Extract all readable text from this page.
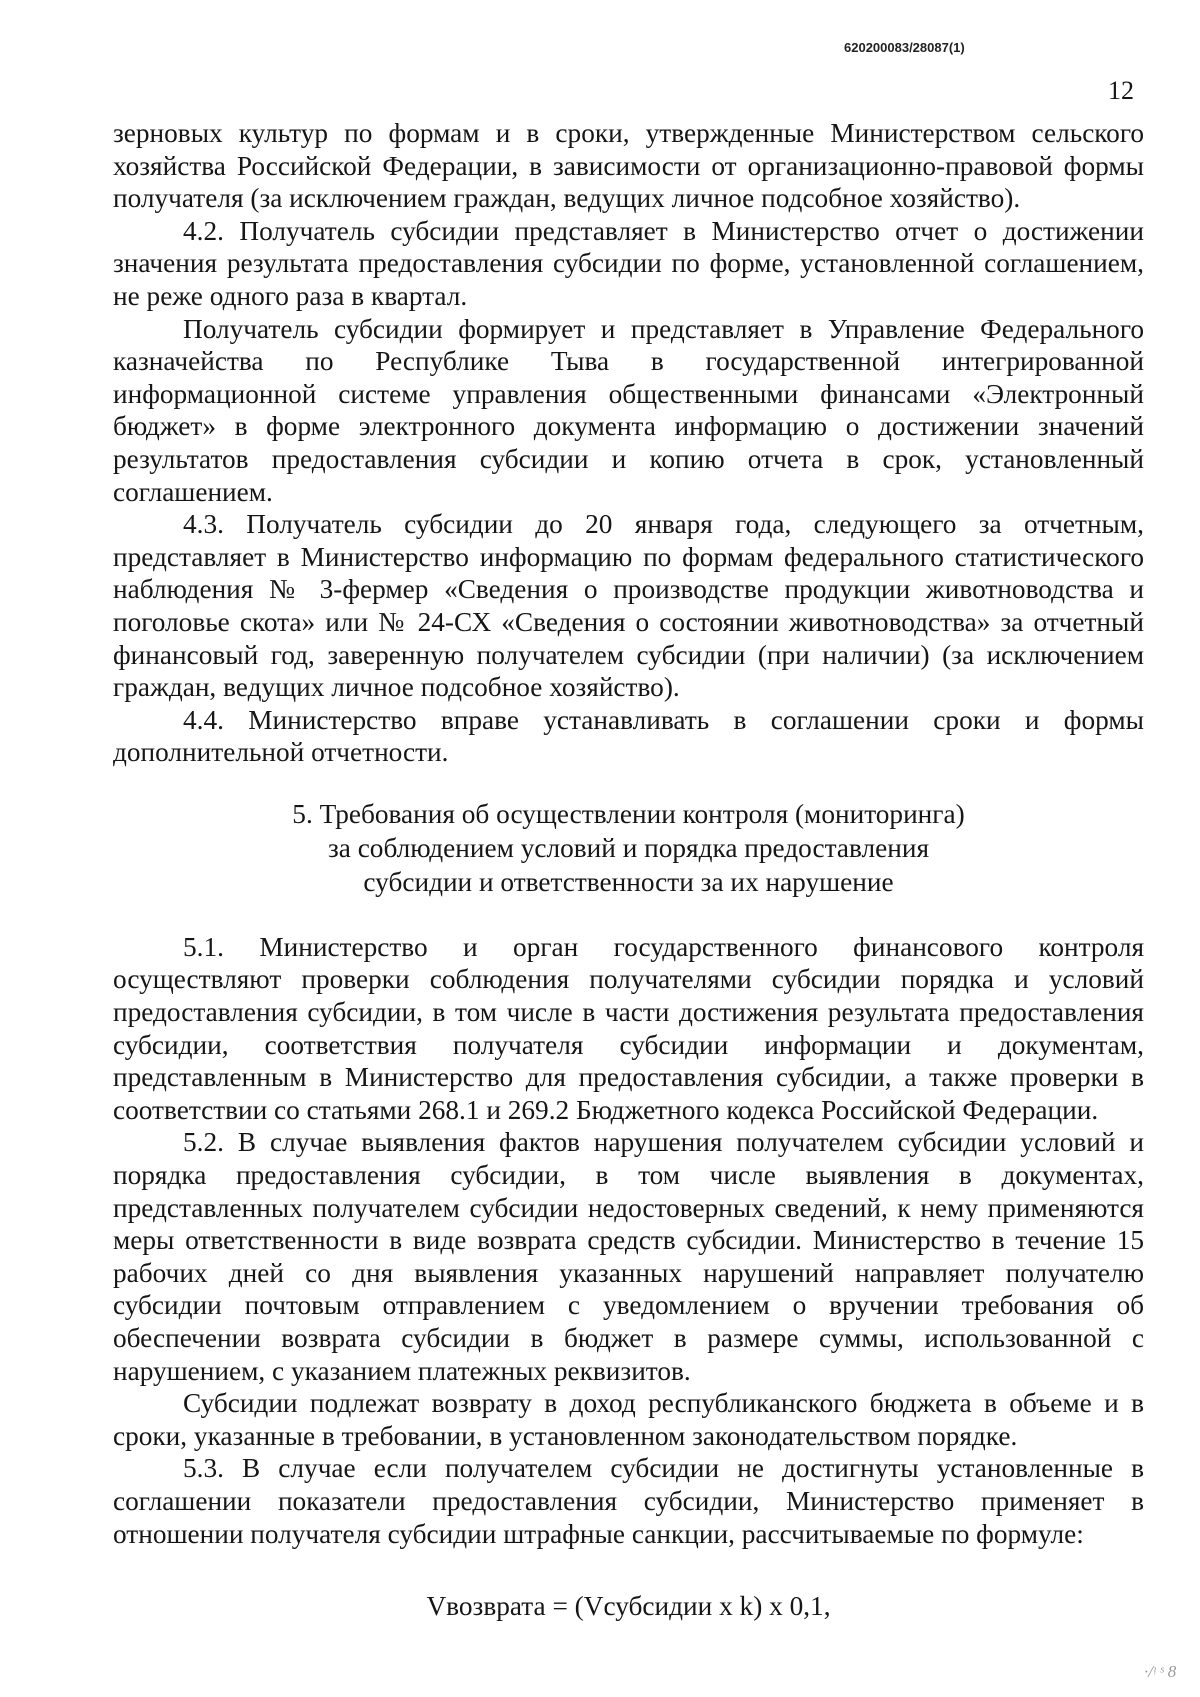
620200083/28087(1)
12

зерновых культур по формам и в сроки, утвержденные Министерством сельского хозяйства Российской Федерации, в зависимости от организационно-правовой формы получателя (за исключением граждан, ведущих личное подсобное хозяйство).

4.2. Получатель субсидии представляет в Министерство отчет о достижении значения результата предоставления субсидии по форме, установленной соглашением, не реже одного раза в квартал.

Получатель субсидии формирует и представляет в Управление Федерального казначейства по Республике Тыва в государственной интегрированной информационной системе управления общественными финансами «Электронный бюджет» в форме электронного документа информацию о достижении значений результатов предоставления субсидии и копию отчета в срок, установленный соглашением.

4.3. Получатель субсидии до 20 января года, следующего за отчетным, представляет в Министерство информацию по формам федерального статистического наблюдения № 3-фермер «Сведения о производстве продукции животноводства и поголовье скота» или № 24-СХ «Сведения о состоянии животноводства» за отчетный финансовый год, заверенную получателем субсидии (при наличии) (за исключением граждан, ведущих личное подсобное хозяйство).

4.4. Министерство вправе устанавливать в соглашении сроки и формы дополнительной отчетности.

5. Требования об осуществлении контроля (мониторинга)
за соблюдением условий и порядка предоставления
субсидии и ответственности за их нарушение

5.1. Министерство и орган государственного финансового контроля осуществляют проверки соблюдения получателями субсидии порядка и условий предоставления субсидии, в том числе в части достижения результата предоставления субсидии, соответствия получателя субсидии информации и документам, представленным в Министерство для предоставления субсидии, а также проверки в соответствии со статьями 268.1 и 269.2 Бюджетного кодекса Российской Федерации.

5.2. В случае выявления фактов нарушения получателем субсидии условий и порядка предоставления субсидии, в том числе выявления в документах, представленных получателем субсидии недостоверных сведений, к нему применяются меры ответственности в виде возврата средств субсидии. Министерство в течение 15 рабочих дней со дня выявления указанных нарушений направляет получателю субсидии почтовым отправлением с уведомлением о вручении требования об обеспечении возврата субсидии в бюджет в размере суммы, использованной с нарушением, с указанием платежных реквизитов.

Субсидии подлежат возврату в доход республиканского бюджета в объеме и в сроки, указанные в требовании, в установленном законодательством порядке.

5.3. В случае если получателем субсидии не достигнуты установленные в соглашении показатели предоставления субсидии, Министерство применяет в отношении получателя субсидии штрафные санкции, рассчитываемые по формуле:

Vвозврата = (Vсубсидии x k) x 0,1,
·/ᵎ ˢ 8
